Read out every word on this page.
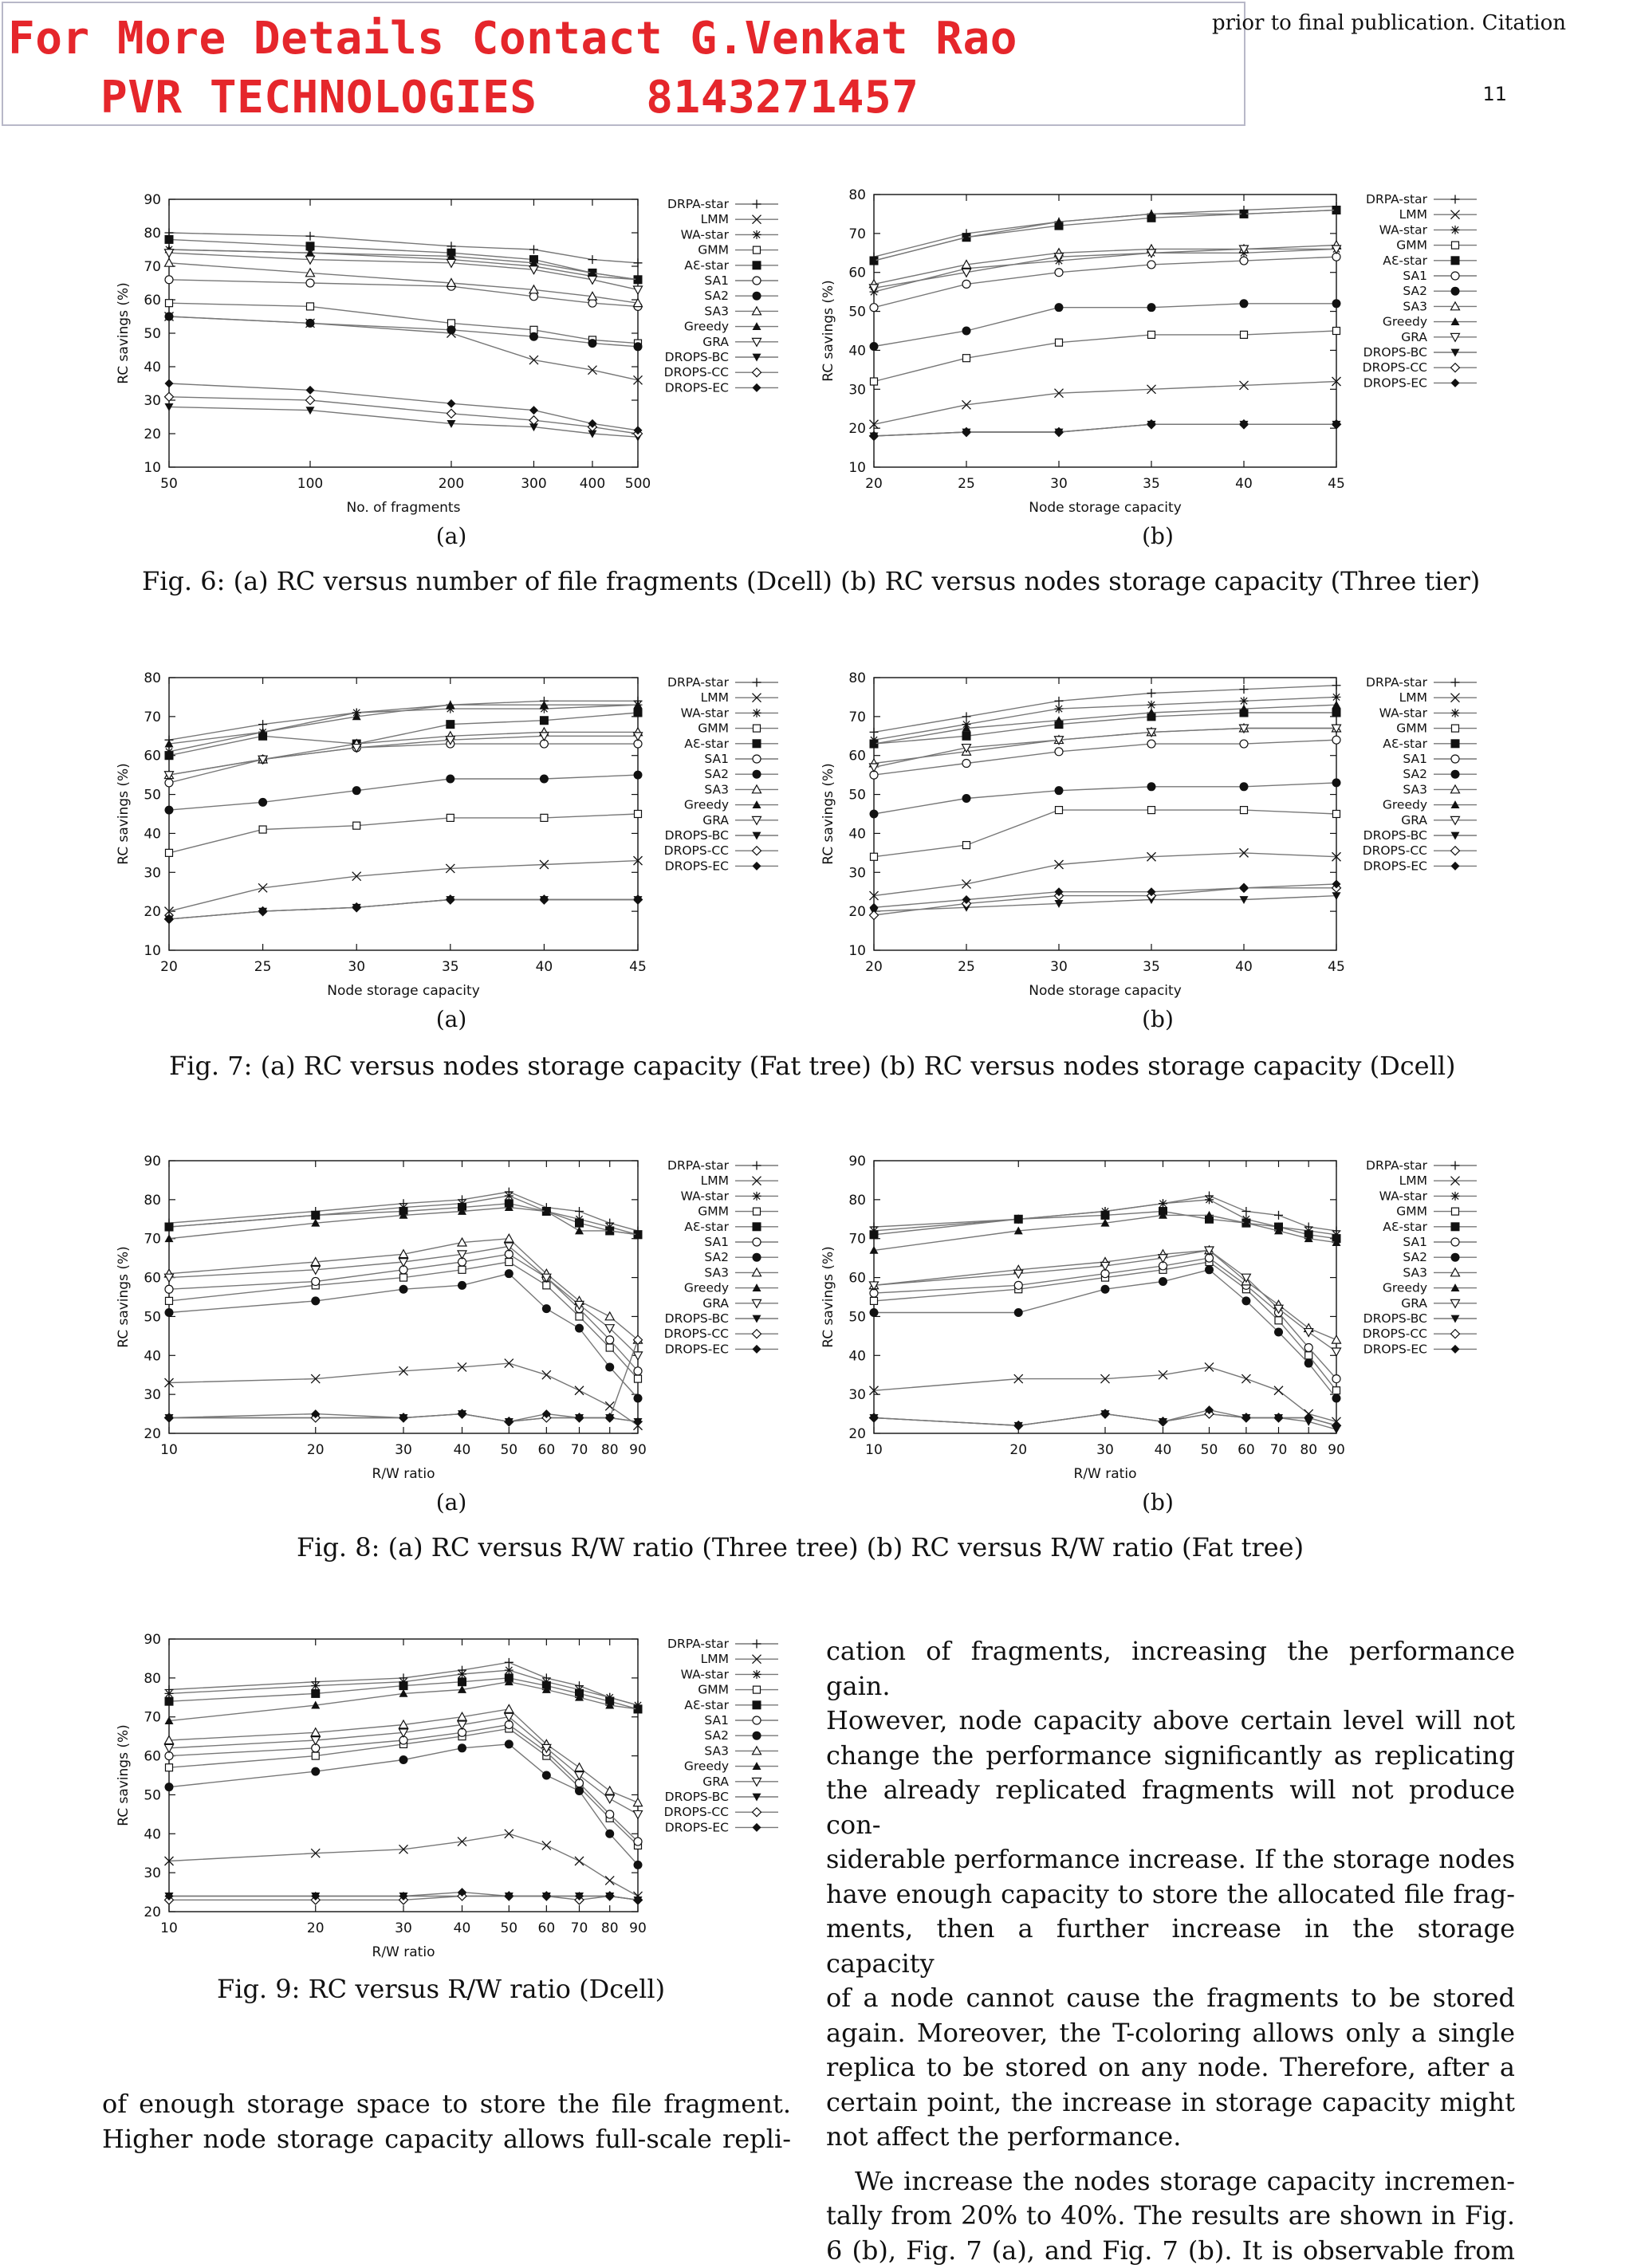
For More Details Contact G.Venkat Rao
PVR TECHNOLOGIES    8143271457
prior to final publication. Citation
11
10
20
30
40
50
60
70
80
90
50	100	200	300 400 500
No. of fragments
RC savings (%)
DRPA-star
LMM
WA-star
GMM
AƐ-star
SA1
SA2
SA3
Greedy
GRA
DROPS-BC
DROPS-CC
DROPS-EC
10
20
30
40
50
60
70
80
20	25	30	35	40	45
Node storage capacity
RC savings (%)
DRPA-star
LMM
WA-star
GMM
AƐ-star
SA1
SA2
SA3
Greedy
GRA
DROPS-BC
DROPS-CC
DROPS-EC
(a)	(b)
Fig. 6: (a) RC versus number of file fragments (Dcell) (b) RC versus nodes storage capacity (Three tier)
10
20
30
40
50
60
70
80
20	25	30	35	40	45
Node storage capacity
RC savings (%)
DRPA-star
LMM
WA-star
GMM
AƐ-star
SA1
SA2
SA3
Greedy
GRA
DROPS-BC
DROPS-CC
DROPS-EC
10
20
30
40
50
60
70
80
20	25	30	35	40	45
Node storage capacity
RC savings (%)
DRPA-star
LMM
WA-star
GMM
AƐ-star
SA1
SA2
SA3
Greedy
GRA
DROPS-BC
DROPS-CC
DROPS-EC
(a)	(b)
Fig. 7: (a) RC versus nodes storage capacity (Fat tree) (b) RC versus nodes storage capacity (Dcell)
20
30
40
50
60
70
80
90
10	20	30	40 50 60 70 80 90
R/W ratio
RC savings (%)
DRPA-star
LMM
WA-star
GMM
AƐ-star
SA1
SA2
SA3
Greedy
GRA
DROPS-BC
DROPS-CC
DROPS-EC
20
30
40
50
60
70
80
90
10	20	30	40 50 60 70 80 90
R/W ratio
RC savings (%)
DRPA-star
LMM
WA-star
GMM
AƐ-star
SA1
SA2
SA3
Greedy
GRA
DROPS-BC
DROPS-CC
DROPS-EC
(a)	(b)
Fig. 8: (a) RC versus R/W ratio (Three tree) (b) RC versus R/W ratio (Fat tree)
20
30
40
50
60
70
80
90
10	20	30	40 50 60 70 80 90
R/W ratio
RC savings (%)
DRPA-star
LMM
WA-star
GMM
AƐ-star
SA1
SA2
SA3
Greedy
GRA
DROPS-BC
DROPS-CC
DROPS-EC
Fig. 9: RC versus R/W ratio (Dcell)

cation of fragments, increasing the performance gain.
However, node capacity above certain level will not
change the performance significantly as replicating
the already replicated fragments will not produce con-
siderable performance increase. If the storage nodes
have enough capacity to store the allocated file frag-
ments, then a further increase in the storage capacity
of a node cannot cause the fragments to be stored
again. Moreover, the T-coloring allows only a single
replica to be stored on any node. Therefore, after a
certain point, the increase in storage capacity might
not affect the performance.

We increase the nodes storage capacity incremen-
tally from 20% to 40%. The results are shown in Fig.
6 (b), Fig. 7 (a), and Fig. 7 (b). It is observable from

of enough storage space to store the file fragment.
Higher node storage capacity allows full-scale repli-
